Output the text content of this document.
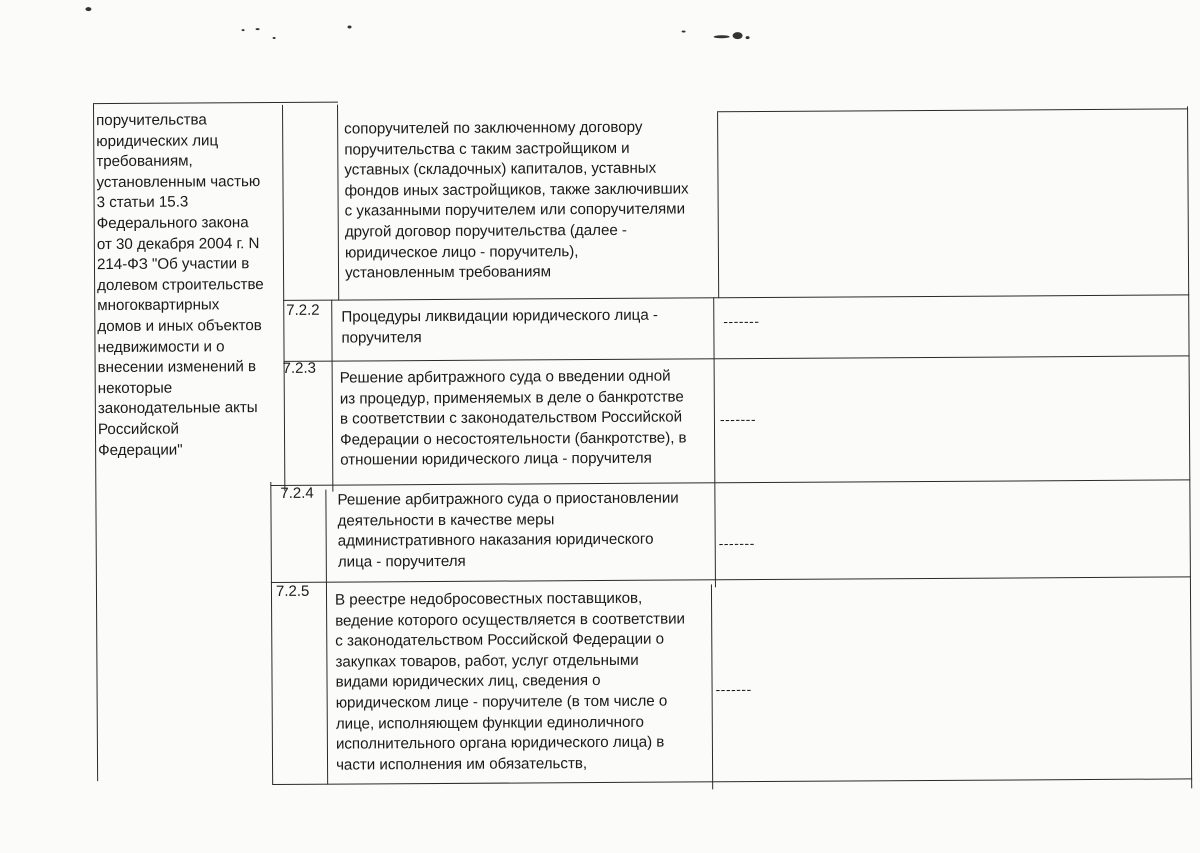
поручительства
юридических лиц
требованиям,
установленным частью
3 статьи 15.3
Федерального закона
от 30 декабря 2004 г. N
214-ФЗ "Об участии в
долевом строительстве
многоквартирных
домов и иных объектов
недвижимости и о
внесении изменений в
некоторые
законодательные акты
Российской
Федерации"
сопоручителей по заключенному договору
поручительства с таким застройщиком и
уставных (складочных) капиталов, уставных
фондов иных застройщиков, также заключивших
с указанными поручителем или сопоручителями
другой договор поручительства (далее -
юридическое лицо - поручитель),
установленным требованиям
7.2.2 Процедуры ликвидации юридического лица -
поручителя
-------
7.2.3 Решение арбитражного суда о введении одной
из процедур, применяемых в деле о банкротстве
в соответствии с законодательством Российской
Федерации о несостоятельности (банкротстве), в
отношении юридического лица - поручителя
-------
7.2.4 Решение арбитражного суда о приостановлении
деятельности в качестве меры
административного наказания юридического
лица - поручителя
-------
7.2.5 В реестре недобросовестных поставщиков,
ведение которого осуществляется в соответствии
с законодательством Российской Федерации о
закупках товаров, работ, услуг отдельными
видами юридических лиц, сведения о
юридическом лице - поручителе (в том числе о
лице, исполняющем функции единоличного
исполнительного органа юридического лица) в
части исполнения им обязательств,
-------
